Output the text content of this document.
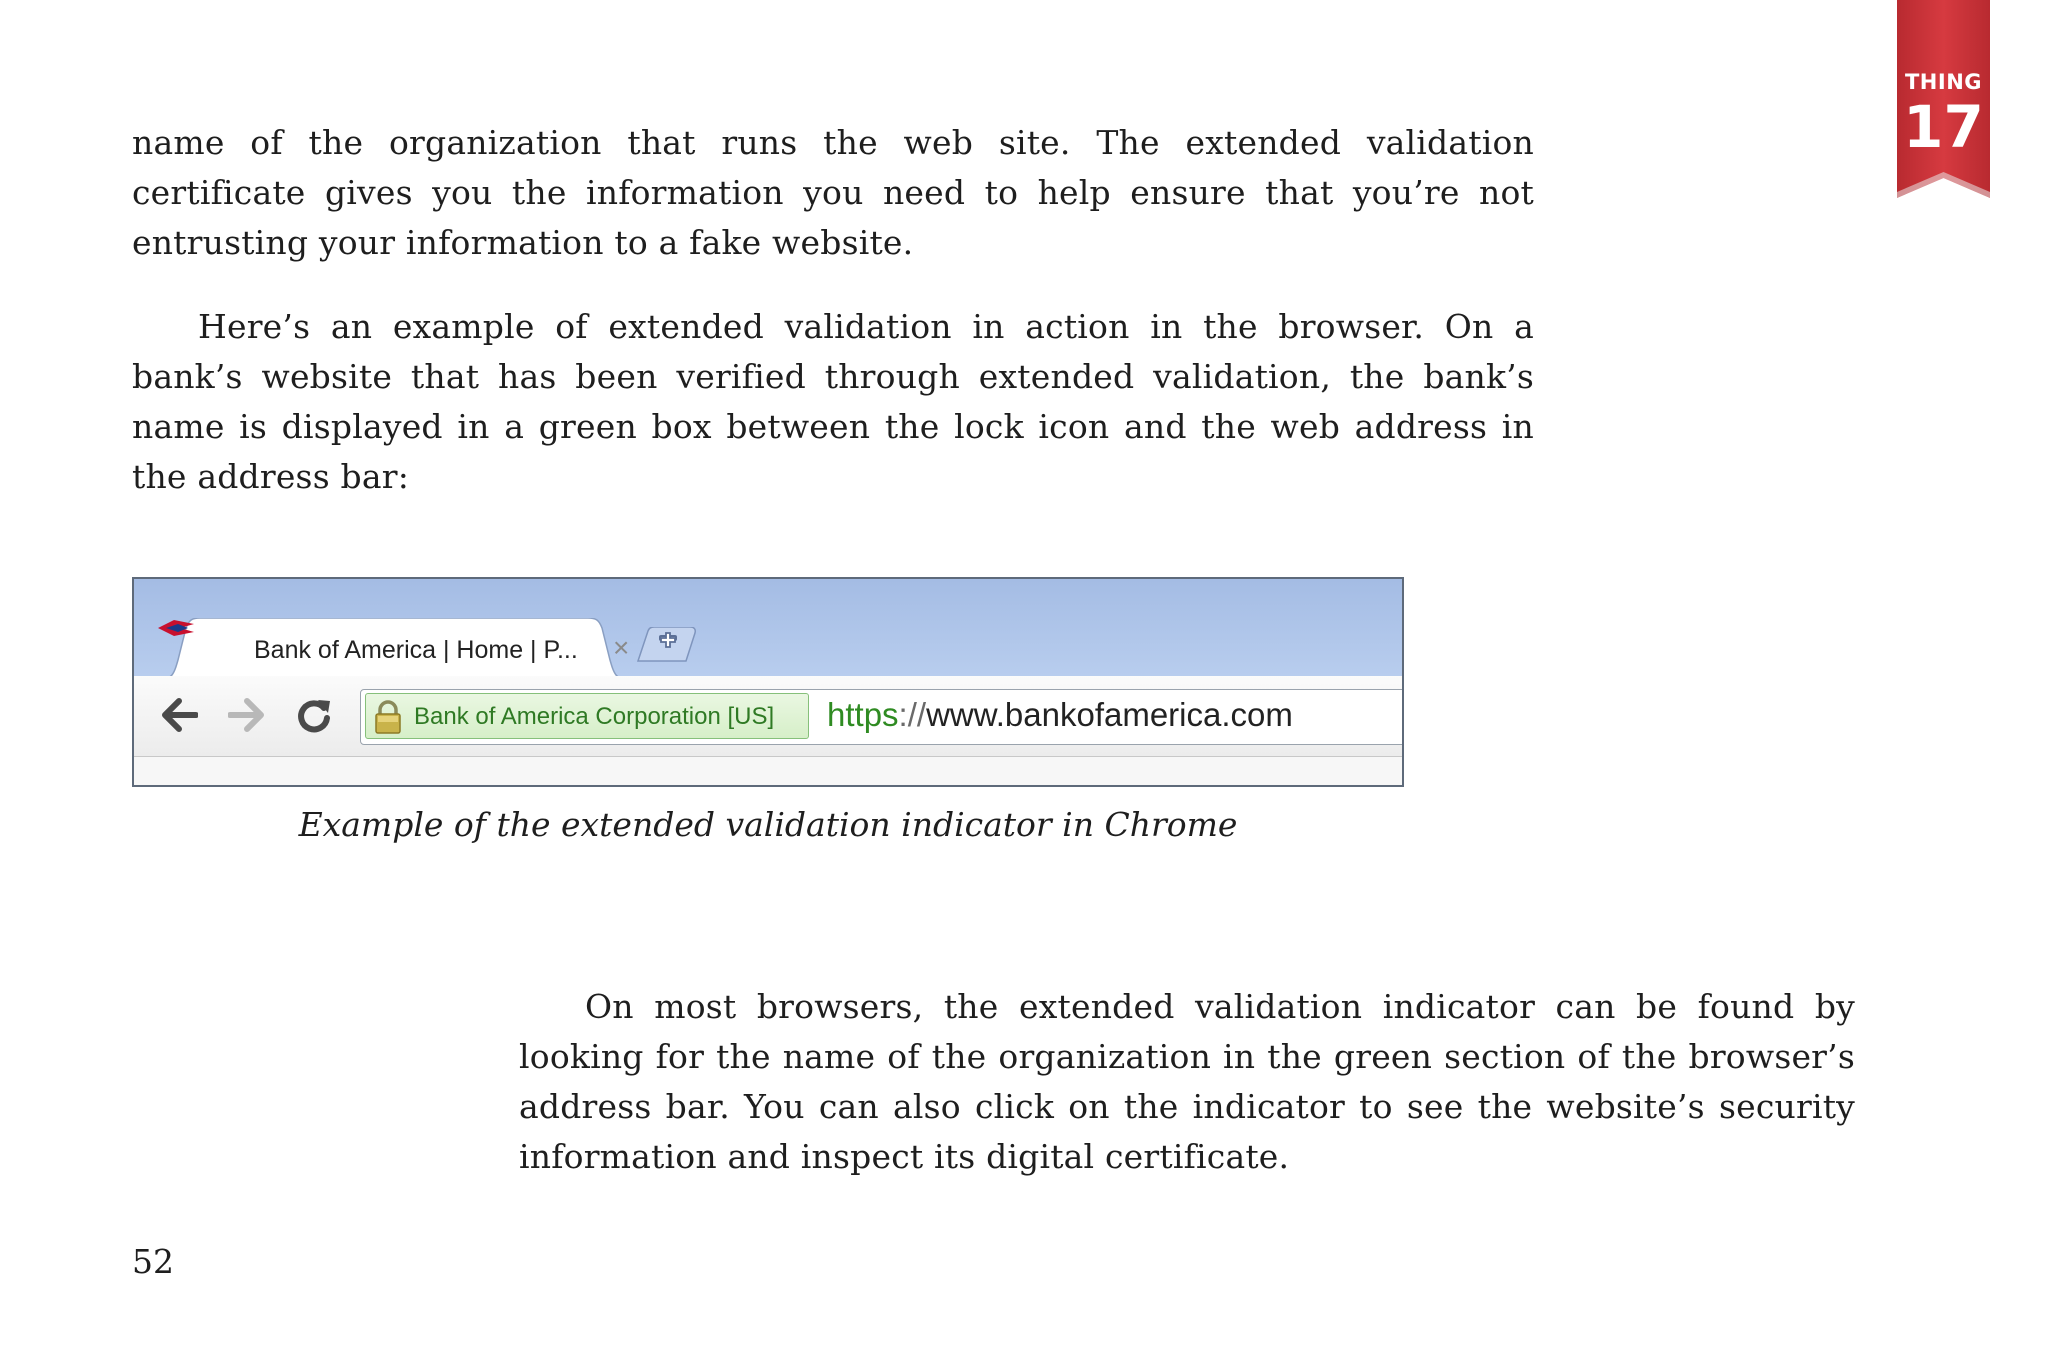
THING
17

name of the organization that runs the web site. The extended validation certificate gives you the information you need to help ensure that you’re not entrusting your information to a fake website.

Here’s an example of extended validation in action in the browser. On a bank’s website that has been verified through extended validation, the bank’s name is displayed in a green box between the lock icon and the web address in the address bar:

Bank of America | Home | P... ×
Bank of America Corporation [US] https://www.bankofamerica.com
Example of the extended validation indicator in Chrome

On most browsers, the extended validation indicator can be found by looking for the name of the organization in the green section of the browser’s address bar. You can also click on the indicator to see the website’s security information and inspect its digital certificate.

52
